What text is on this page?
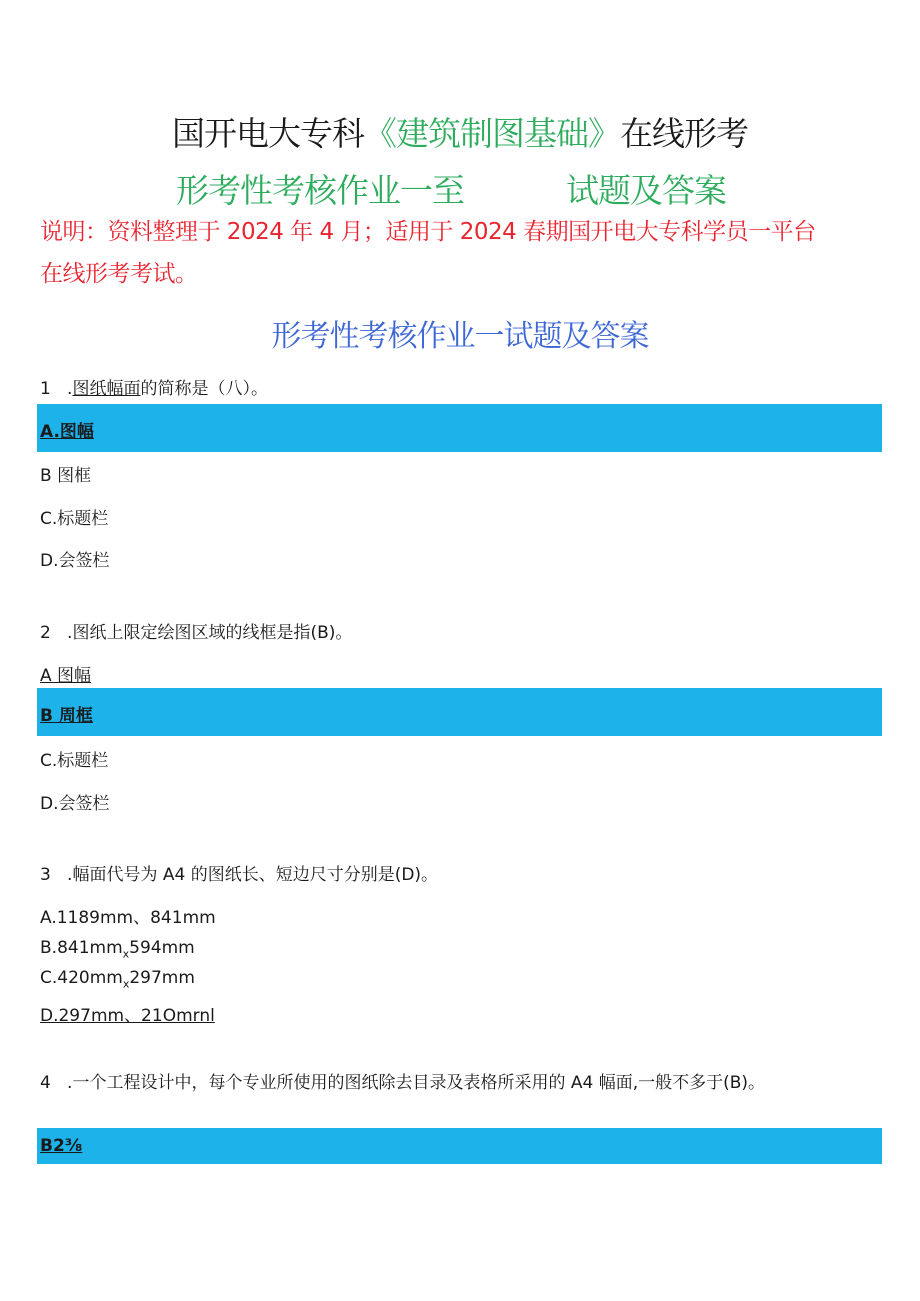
国开电大专科《建筑制图基础》在线形考
形考性考核作业一至	试题及答案
说明：资料整理于 2024 年 4 月；适用于 2024 春期国开电大专科学员一平台
在线形考考试。
形考性考核作业一试题及答案
1 .图纸幅面的简称是（八）。
A.图幅
B 图框
C.标题栏
D.会签栏
2 .图纸上限定绘图区域的线框是指(B)。
A 图幅
B 周框
C.标题栏
D.会签栏
3 .幅面代号为 A4 的图纸长、短边尺寸分别是(D)。
A.1189mm、841mm
$B.841mm_x594mm$
$C.420mm_x297mm$
D.297mm、21Omrnl
4 .一个工程设计中，每个专业所使用的图纸除去目录及表格所采用的 A4 幅面,一般不多于(B)。
B2⅜
